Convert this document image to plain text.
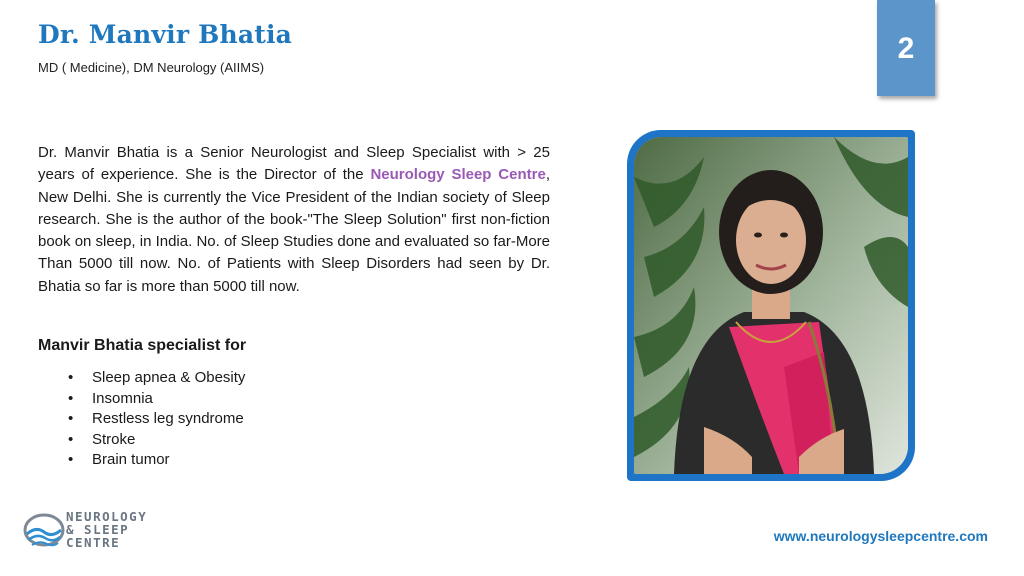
Dr. Manvir Bhatia
MD ( Medicine), DM Neurology (AIIMS)
2
Dr. Manvir Bhatia is a Senior Neurologist and Sleep Specialist with > 25 years of experience. She is the Director of the Neurology Sleep Centre, New Delhi. She is currently the Vice President of the Indian society of Sleep research. She is the author of the book-"The Sleep Solution" first non-fiction book on sleep, in India. No. of Sleep Studies done and evaluated so far-More Than 5000 till now. No. of Patients with Sleep Disorders had seen by Dr. Bhatia so far is more than 5000 till now.
Manvir Bhatia specialist for
• Sleep apnea & Obesity
• Insomnia
• Restless leg syndrome
• Stroke
• Brain tumor
NEUROLOGY
& SLEEP
CENTRE	www.neurologysleepcentre.com
